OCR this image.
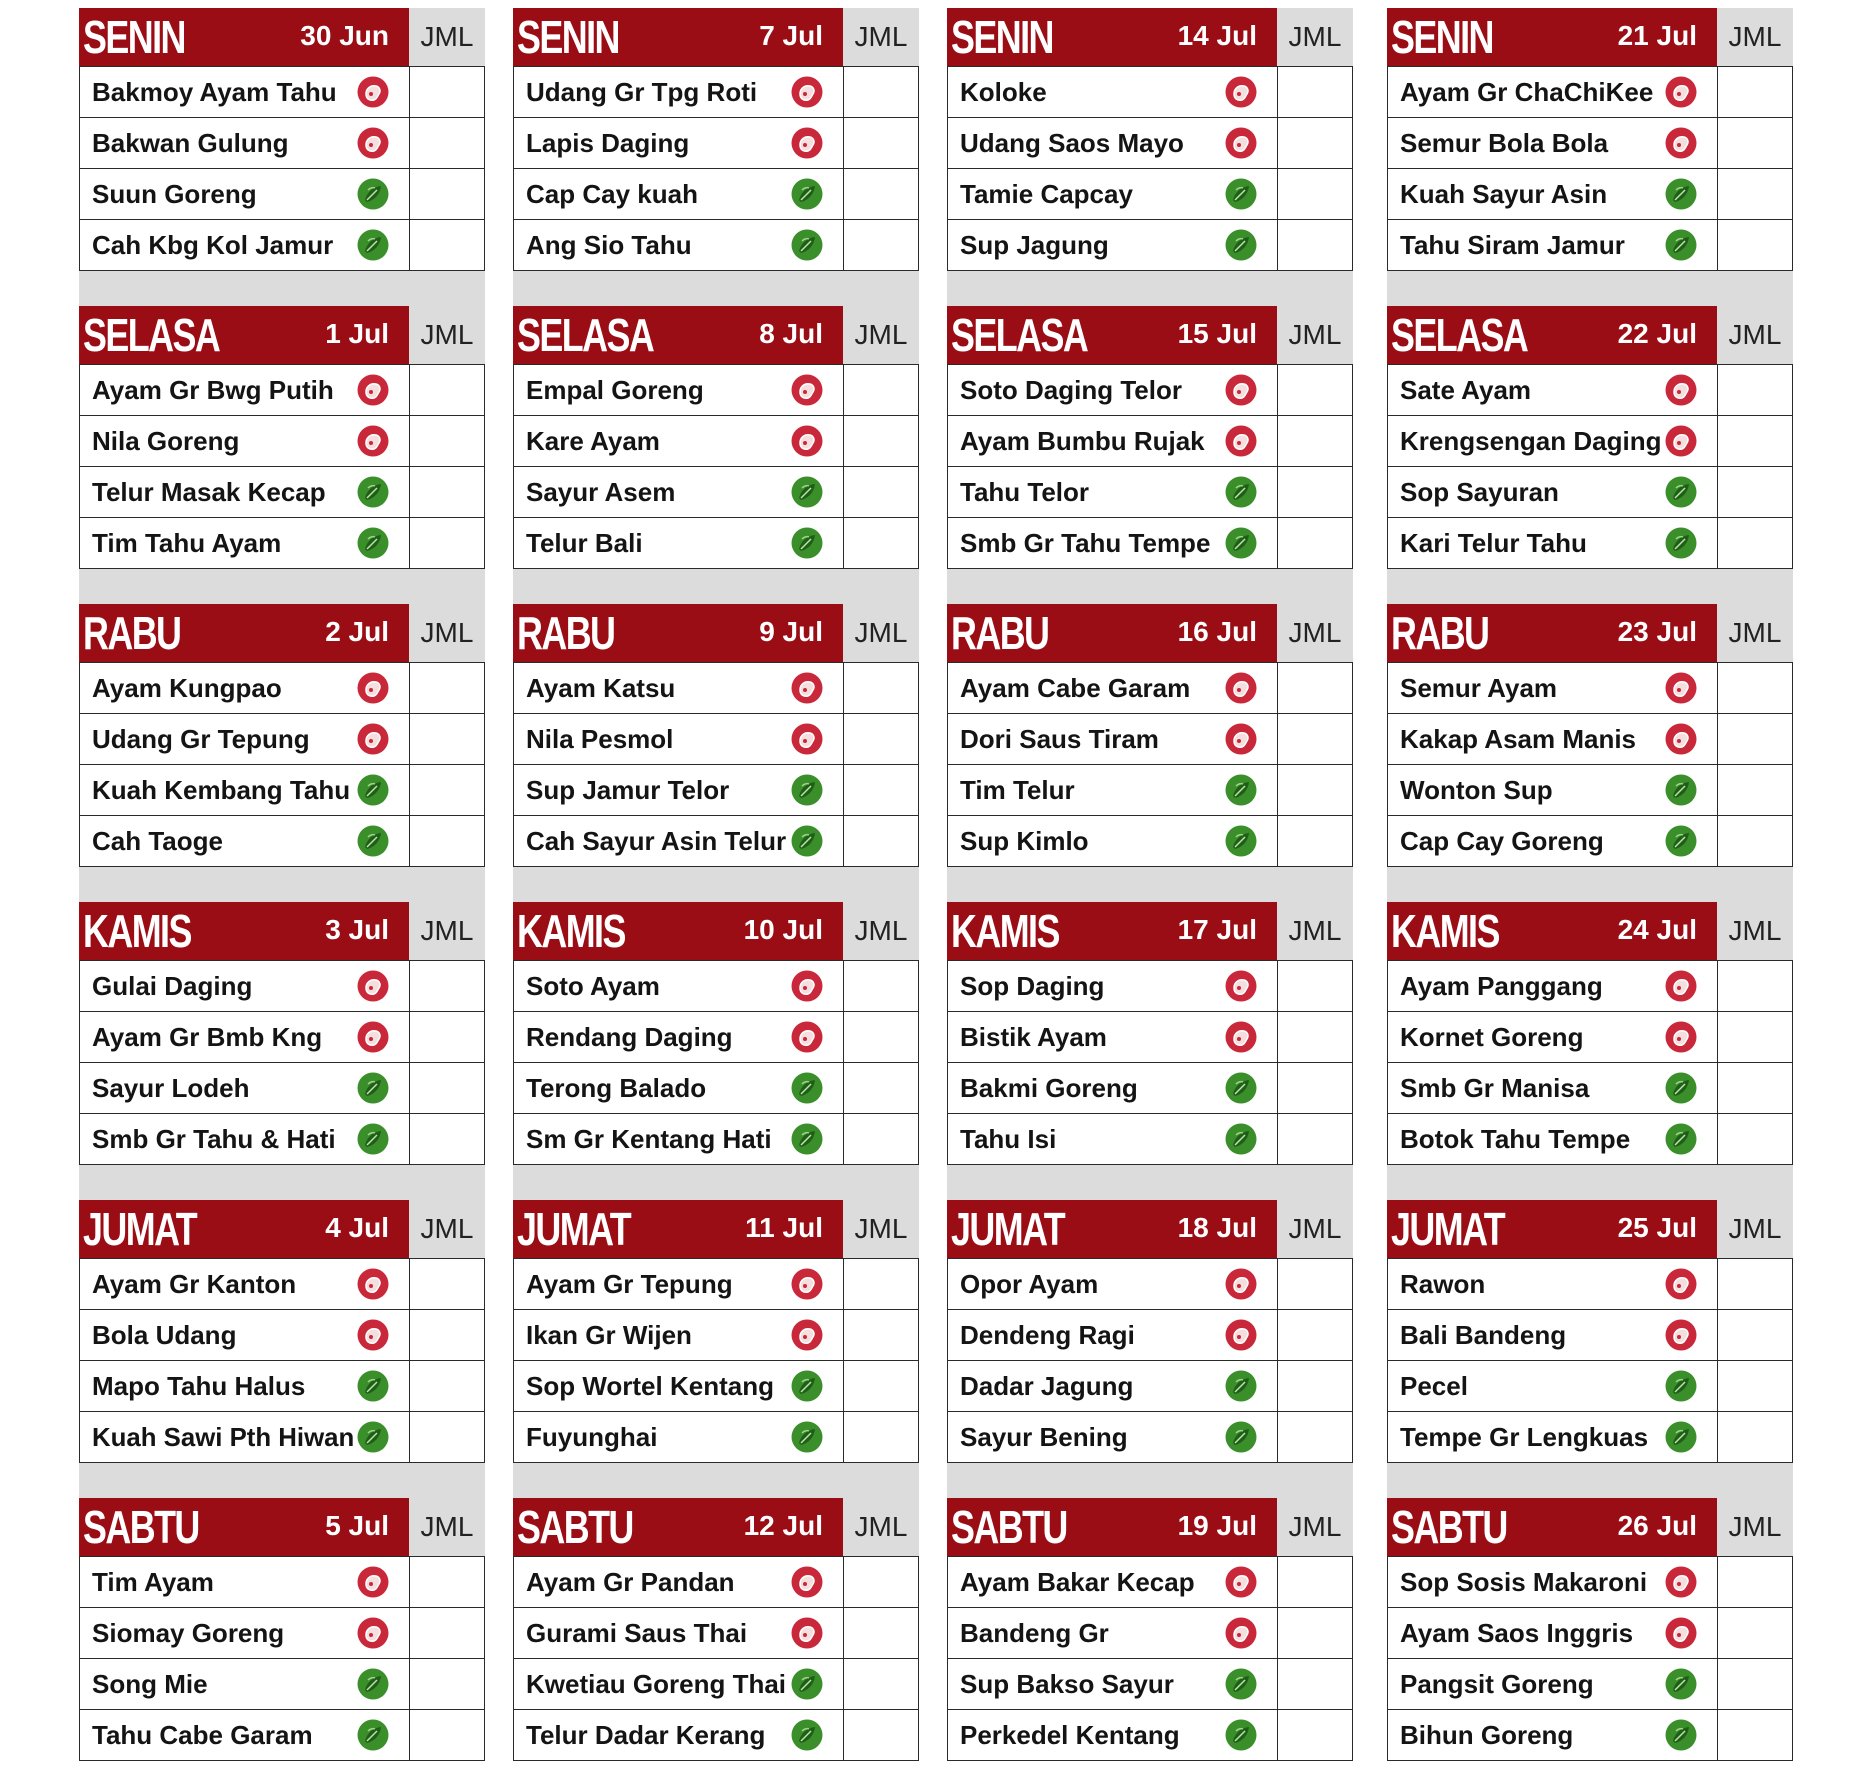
SENIN	30 Jun	JML
Bakmoy Ayam Tahu
Bakwan Gulung
Suun Goreng
Cah Kbg Kol Jamur
SELASA	1 Jul	JML
Ayam Gr Bwg Putih
Nila Goreng
Telur Masak Kecap
Tim Tahu Ayam
RABU	2 Jul	JML
Ayam Kungpao
Udang Gr Tepung
Kuah Kembang Tahu
Cah Taoge
KAMIS	3 Jul	JML
Gulai Daging
Ayam Gr Bmb Kng
Sayur Lodeh
Smb Gr Tahu & Hati
JUMAT	4 Jul	JML
Ayam Gr Kanton
Bola Udang
Mapo Tahu Halus
Kuah Sawi Pth Hiwan
SABTU	5 Jul	JML
Tim Ayam
Siomay Goreng
Song Mie
Tahu Cabe Garam
SENIN	7 Jul	JML
Udang Gr Tpg Roti
Lapis Daging
Cap Cay kuah
Ang Sio Tahu
SELASA	8 Jul	JML
Empal Goreng
Kare Ayam
Sayur Asem
Telur Bali
RABU	9 Jul	JML
Ayam Katsu
Nila Pesmol
Sup Jamur Telor
Cah Sayur Asin Telur
KAMIS	10 Jul	JML
Soto Ayam
Rendang Daging
Terong Balado
Sm Gr Kentang Hati
JUMAT	11 Jul	JML
Ayam Gr Tepung
Ikan Gr Wijen
Sop Wortel Kentang
Fuyunghai
SABTU	12 Jul	JML
Ayam Gr Pandan
Gurami Saus Thai
Kwetiau Goreng Thai
Telur Dadar Kerang
SENIN	14 Jul	JML
Koloke
Udang Saos Mayo
Tamie Capcay
Sup Jagung
SELASA	15 Jul	JML
Soto Daging Telor
Ayam Bumbu Rujak
Tahu Telor
Smb Gr Tahu Tempe
RABU	16 Jul	JML
Ayam Cabe Garam
Dori Saus Tiram
Tim Telur
Sup Kimlo
KAMIS	17 Jul	JML
Sop Daging
Bistik Ayam
Bakmi Goreng
Tahu Isi
JUMAT	18 Jul	JML
Opor Ayam
Dendeng Ragi
Dadar Jagung
Sayur Bening
SABTU	19 Jul	JML
Ayam Bakar Kecap
Bandeng Gr
Sup Bakso Sayur
Perkedel Kentang
SENIN	21 Jul	JML
Ayam Gr ChaChiKee
Semur Bola Bola
Kuah Sayur Asin
Tahu Siram Jamur
SELASA	22 Jul	JML
Sate Ayam
Krengsengan Daging
Sop Sayuran
Kari Telur Tahu
RABU	23 Jul	JML
Semur Ayam
Kakap Asam Manis
Wonton Sup
Cap Cay Goreng
KAMIS	24 Jul	JML
Ayam Panggang
Kornet Goreng
Smb Gr Manisa
Botok Tahu Tempe
JUMAT	25 Jul	JML
Rawon
Bali Bandeng
Pecel
Tempe Gr Lengkuas
SABTU	26 Jul	JML
Sop Sosis Makaroni
Ayam Saos Inggris
Pangsit Goreng
Bihun Goreng
